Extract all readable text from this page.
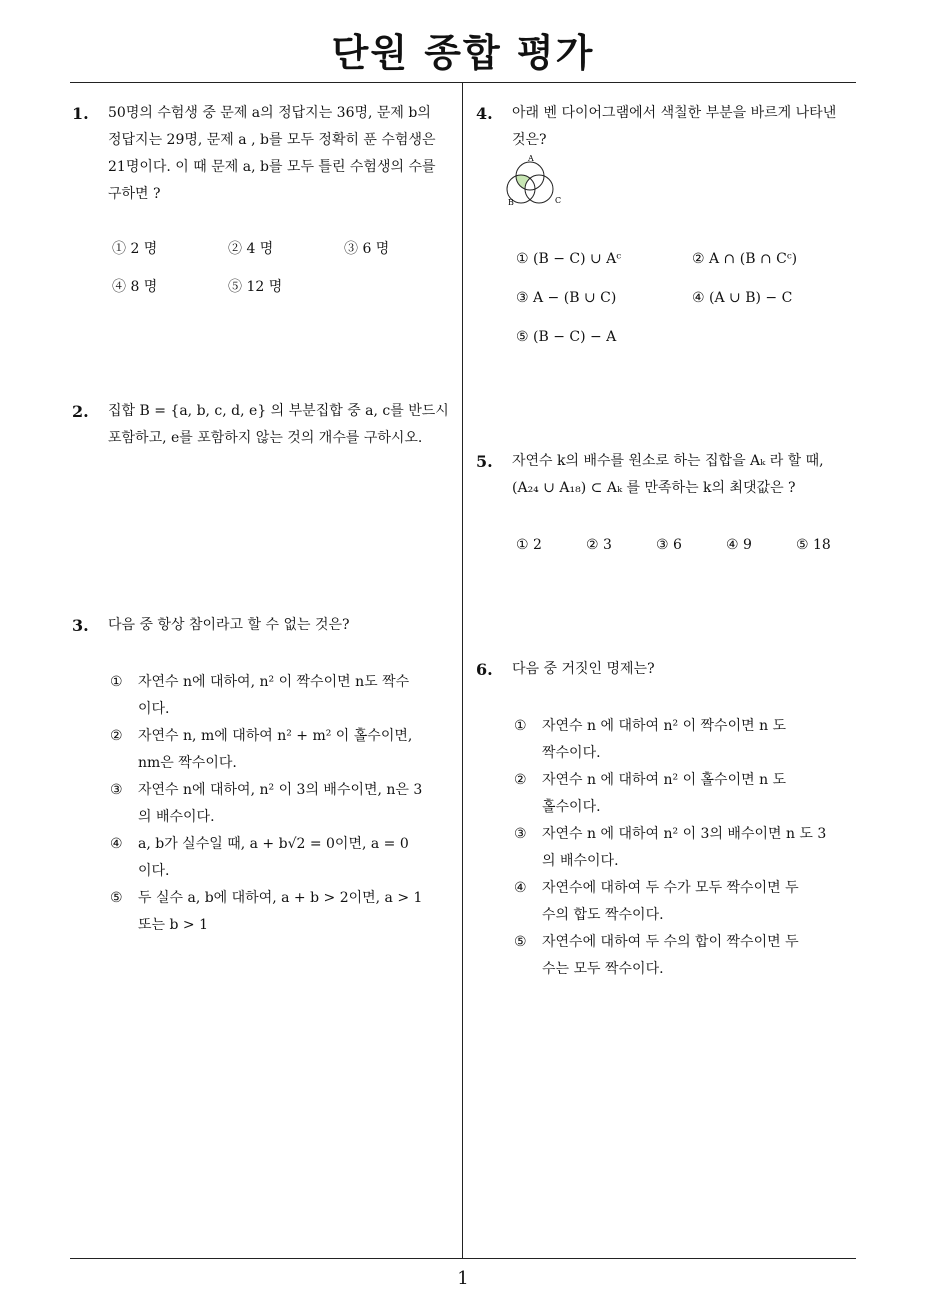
단원 종합 평가
1
1. 50명의 수험생 중 문제 a의 정답지는 36명, 문제 b의
정답지는 29명, 문제 a , b를 모두 정확히 푼 수험생은
21명이다. 이 때 문제 a, b를 모두 틀린 수험생의 수를
구하면 ?
① 2 명	② 4 명	③ 6 명
④ 8 명	⑤ 12 명
2. 집합 B = {a, b, c, d, e} 의 부분집합 중 a, c를 반드시
포함하고, e를 포함하지 않는 것의 개수를 구하시오.
3. 다음 중 항상 참이라고 할 수 없는 것은?
① 자연수 n에 대하여, n² 이 짝수이면 n도 짝수
이다.
② 자연수 n, m에 대하여 n² + m² 이 홀수이면,
nm은 짝수이다.
③ 자연수 n에 대하여, n² 이 3의 배수이면, n은 3
의 배수이다.
④ a, b가 실수일 때, a + b√2 = 0이면, a = 0
이다.
⑤ 두 실수 a, b에 대하여, a + b > 2이면, a > 1
또는 b > 1
4. 아래 벤 다이어그램에서 색칠한 부분을 바르게 나타낸
것은?
A
B	C
① (B − C) ∪ Aᶜ	② A ∩ (B ∩ Cᶜ)
③ A − (B ∪ C)	④ (A ∪ B) − C
⑤ (B − C) − A
5. 자연수 k의 배수를 원소로 하는 집합을 Aₖ 라 할 때,
(A₂₄ ∪ A₁₈) ⊂ Aₖ 를 만족하는 k의 최댓값은 ?
① 2	② 3	③ 6	④ 9	⑤ 18
6. 다음 중 거짓인 명제는?
① 자연수 n 에 대하여 n² 이 짝수이면 n 도
짝수이다.
② 자연수 n 에 대하여 n² 이 홀수이면 n 도
홀수이다.
③ 자연수 n 에 대하여 n² 이 3의 배수이면 n 도 3
의 배수이다.
④ 자연수에 대하여 두 수가 모두 짝수이면 두
수의 합도 짝수이다.
⑤ 자연수에 대하여 두 수의 합이 짝수이면 두
수는 모두 짝수이다.
